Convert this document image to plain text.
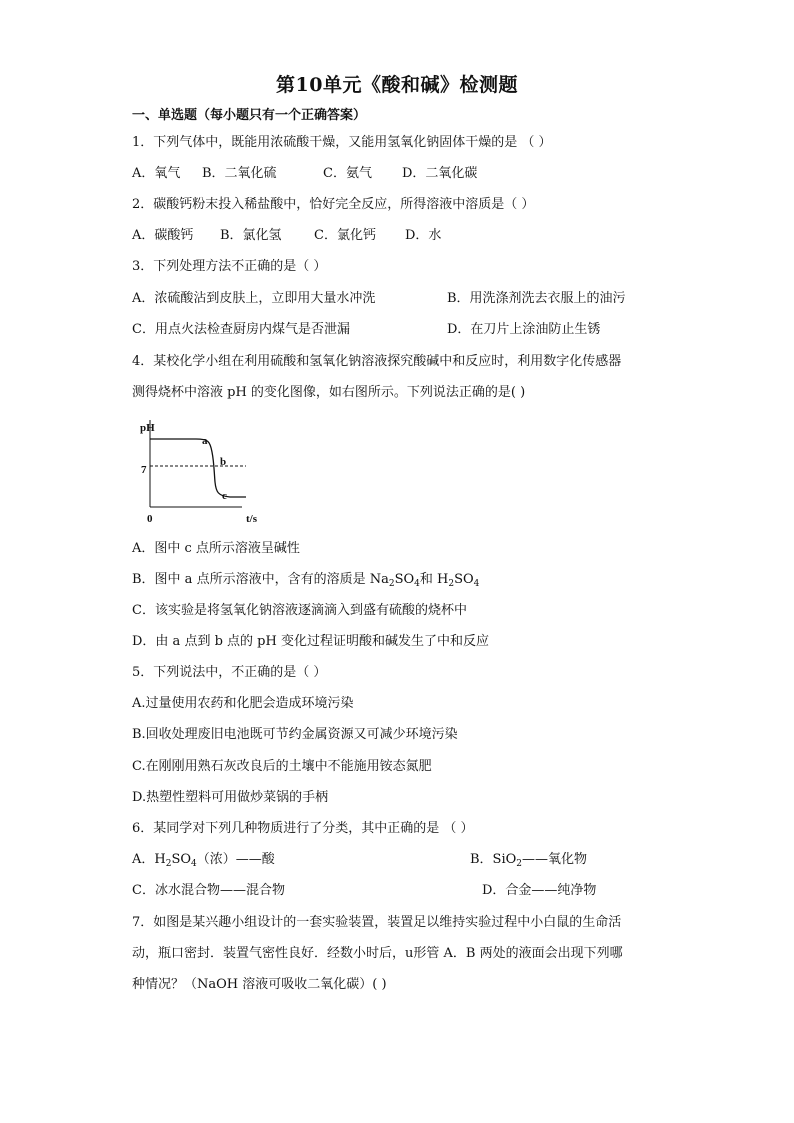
第10单元《酸和碱》检测题
一、单选题（每小题只有一个正确答案）
1．下列气体中，既能用浓硫酸干燥，又能用氢氧化钠固体干燥的是 （ ）
A．氧气 B．二氧化硫	C．氨气 D．二氧化碳
2．碳酸钙粉末投入稀盐酸中，恰好完全反应，所得溶液中溶质是（ ）
A．碳酸钙 B．氯化氢 C．氯化钙 D．水
3．下列处理方法不正确的是（ ）
A．浓硫酸沾到皮肤上，立即用大量水冲洗	B．用洗涤剂洗去衣服上的油污
C．用点火法检查厨房内煤气是否泄漏	D．在刀片上涂油防止生锈
4．某校化学小组在利用硫酸和氢氧化钠溶液探究酸碱中和反应时，利用数字化传感器
测得烧杯中溶液 pH 的变化图像，如右图所示。下列说法正确的是( )
pH
t/s
0
7
a
b
c
A．图中 c 点所示溶液呈碱性
B．图中 a 点所示溶液中，含有的溶质是 $Na_2SO_4$和 $H_2SO_4$
C．该实验是将氢氧化钠溶液逐滴滴入到盛有硫酸的烧杯中
D．由 a 点到 b 点的 pH 变化过程证明酸和碱发生了中和反应
5．下列说法中，不正确的是（ ）
A.过量使用农药和化肥会造成环境污染
B.回收处理废旧电池既可节约金属资源又可减少环境污染
C.在刚刚用熟石灰改良后的土壤中不能施用铵态氮肥
D.热塑性塑料可用做炒菜锅的手柄
6．某同学对下列几种物质进行了分类，其中正确的是 （ ）
A．$H_2SO_4$（浓）——酸	B．SiO$_2$——氧化物
C．冰水混合物——混合物	D．合金——纯净物
7．如图是某兴趣小组设计的一套实验装置，装置足以维持实验过程中小白鼠的生命活
动，瓶口密封．装置气密性良好．经数小时后，u形管 A．B 两处的液面会出现下列哪
种情况？（NaOH 溶液可吸收二氧化碳）( )
